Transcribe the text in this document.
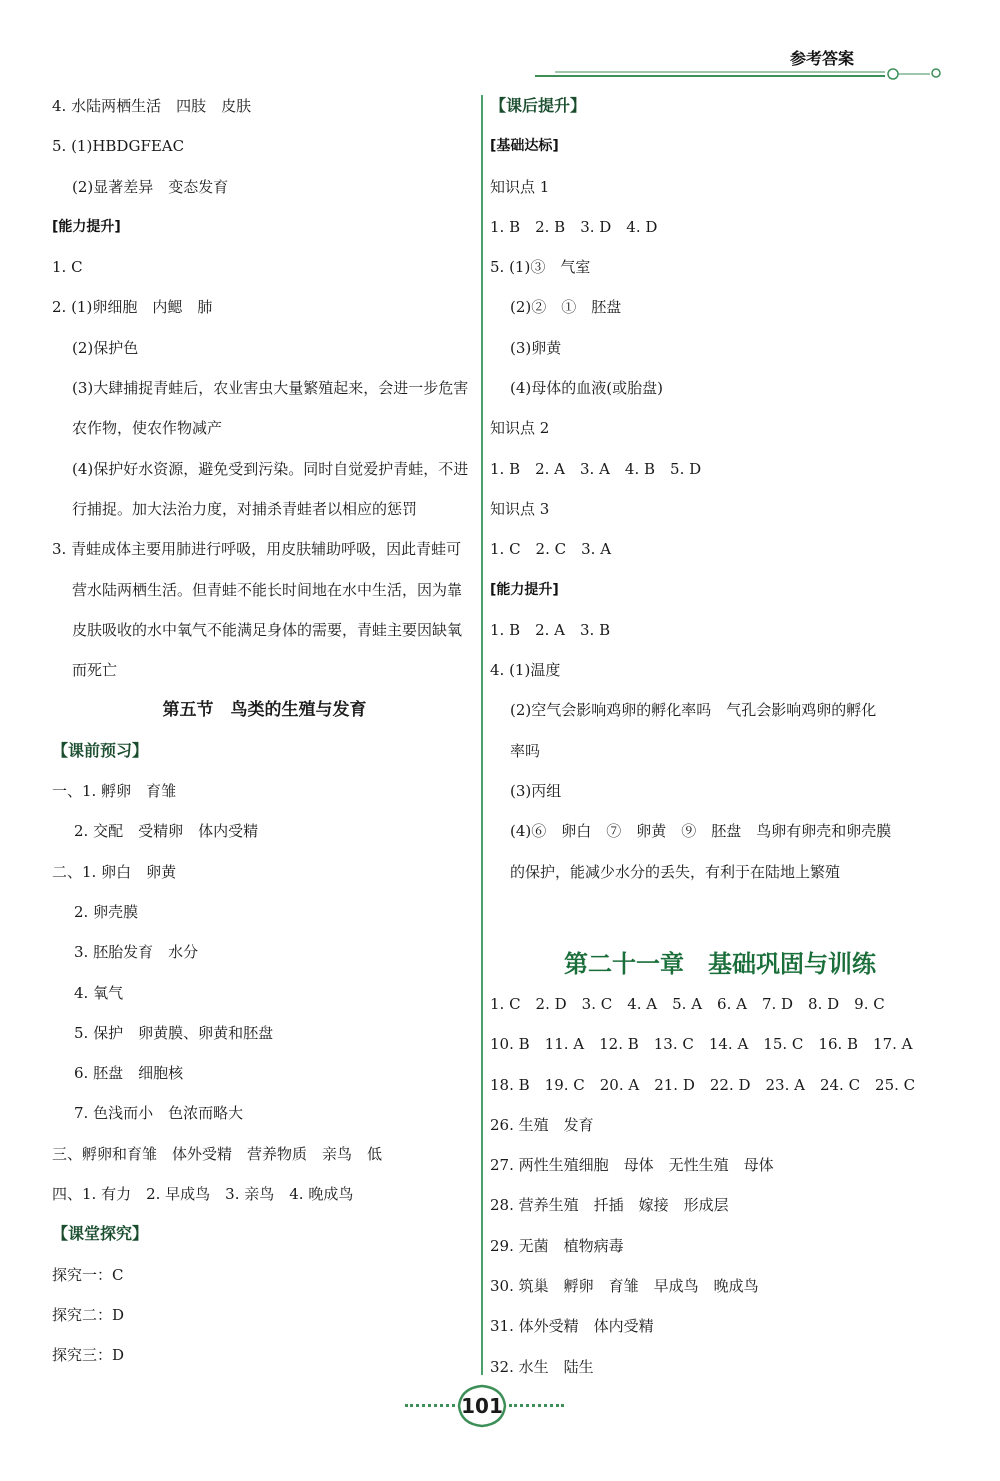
参考答案
4. 水陆两栖生活　四肢　皮肤
5. (1)HBDGFEAC
(2)显著差异　变态发育
[能力提升]
1. C
2. (1)卵细胞　内鳃　肺
(2)保护色
(3)大肆捕捉青蛙后，农业害虫大量繁殖起来，会进一步危害
农作物，使农作物减产
(4)保护好水资源，避免受到污染。同时自觉爱护青蛙，不进
行捕捉。加大法治力度，对捕杀青蛙者以相应的惩罚
3. 青蛙成体主要用肺进行呼吸，用皮肤辅助呼吸，因此青蛙可
营水陆两栖生活。但青蛙不能长时间地在水中生活，因为靠
皮肤吸收的水中氧气不能满足身体的需要，青蛙主要因缺氧
而死亡
第五节　鸟类的生殖与发育
【课前预习】
一、1. 孵卵　育雏
2. 交配　受精卵　体内受精
二、1. 卵白　卵黄
2. 卵壳膜
3. 胚胎发育　水分
4. 氧气
5. 保护　卵黄膜、卵黄和胚盘
6. 胚盘　细胞核
7. 色浅而小　色浓而略大
三、孵卵和育雏　体外受精　营养物质　亲鸟　低
四、1. 有力　2. 早成鸟　3. 亲鸟　4. 晚成鸟
【课堂探究】
探究一：C
探究二：D
探究三：D
【课后提升】
[基础达标]
知识点 1
1. B　2. B　3. D　4. D
5. (1)③　气室
(2)②　①　胚盘
(3)卵黄
(4)母体的血液(或胎盘)
知识点 2
1. B　2. A　3. A　4. B　5. D
知识点 3
1. C　2. C　3. A
[能力提升]
1. B　2. A　3. B
4. (1)温度
(2)空气会影响鸡卵的孵化率吗　气孔会影响鸡卵的孵化
率吗
(3)丙组
(4)⑥　卵白　⑦　卵黄　⑨　胚盘　鸟卵有卵壳和卵壳膜
的保护，能减少水分的丢失，有利于在陆地上繁殖
第二十一章　基础巩固与训练
1. C　2. D　3. C　4. A　5. A　6. A　7. D　8. D　9. C
10. B　11. A　12. B　13. C　14. A　15. C　16. B　17. A
18. B　19. C　20. A　21. D　22. D　23. A　24. C　25. C
26. 生殖　发育
27. 两性生殖细胞　母体　无性生殖　母体
28. 营养生殖　扦插　嫁接　形成层
29. 无菌　植物病毒
30. 筑巢　孵卵　育雏　早成鸟　晚成鸟
31. 体外受精　体内受精
32. 水生　陆生
101
